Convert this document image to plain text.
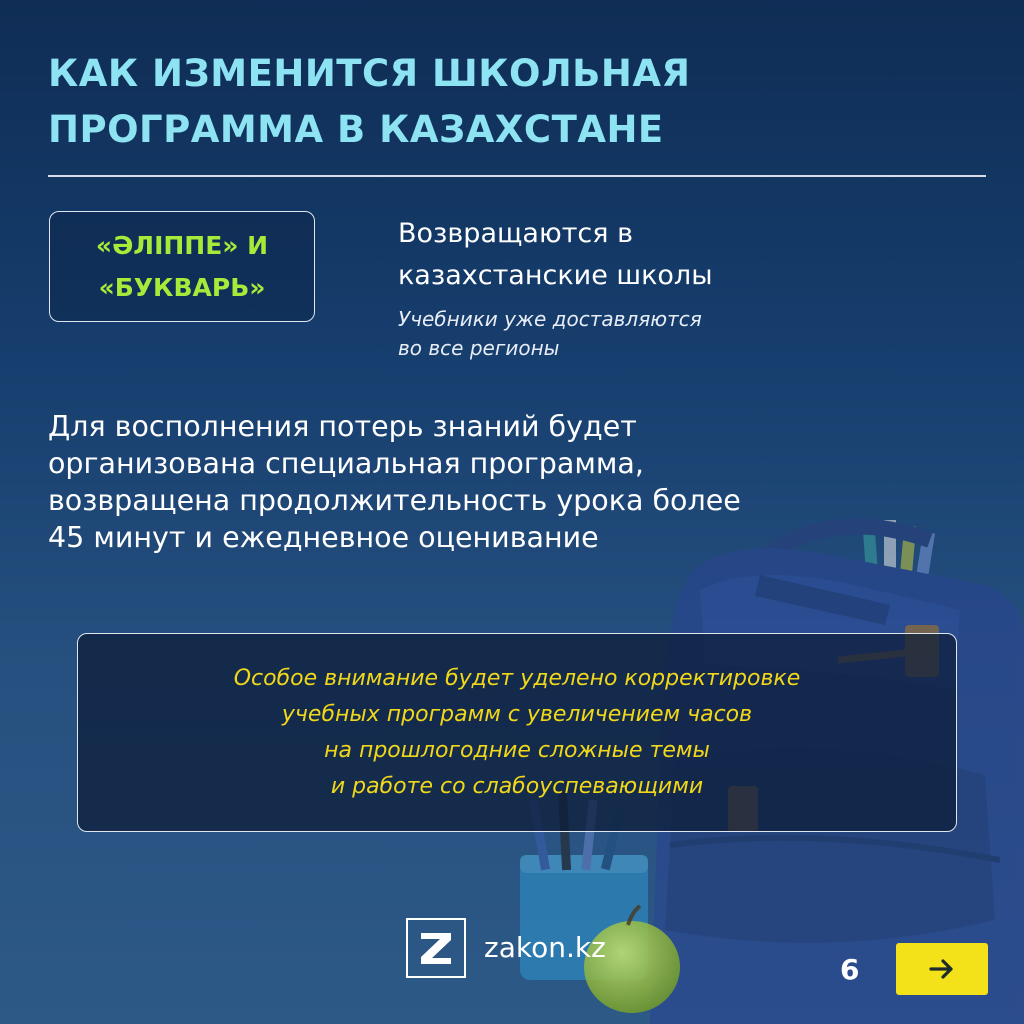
КАК ИЗМЕНИТСЯ ШКОЛЬНАЯ
ПРОГРАММА В КАЗАХСТАНЕ
«ӘЛІППЕ» И
«БУКВАРЬ»
Возвращаются в
казахстанские школы
Учебники уже доставляются
во все регионы
Для восполнения потерь знаний будет
организована специальная программа,
возвращена продолжительность урока более
45 минут и ежедневное оценивание
Особое внимание будет уделено корректировке
учебных программ с увеличением часов
на прошлогодние сложные темы
и работе со слабоуспевающими
zakon.kz
6
